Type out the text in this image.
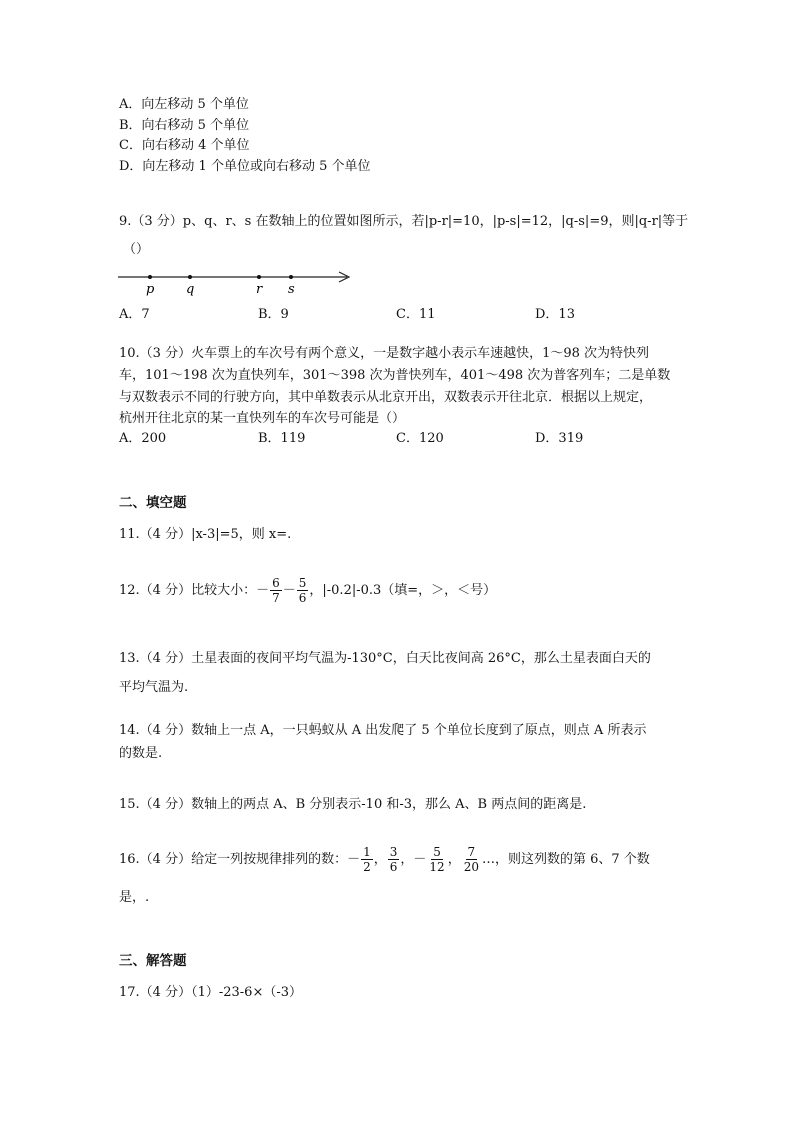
A．向左移动 5 个单位
B．向右移动 5 个单位
C．向右移动 4 个单位
D．向左移动 1 个单位或向右移动 5 个单位
9.（3 分）p、q、r、s 在数轴上的位置如图所示，若|p-r|=10，|p-s|=12，|q-s|=9，则|q-r|等于
（）
p q	r s
A．7	B．9	C．11	D．13
10.（3 分）火车票上的车次号有两个意义，一是数字越小表示车速越快，1～98 次为特快列
车，101～198 次为直快列车，301～398 次为普快列车，401～498 次为普客列车；二是单数
与双数表示不同的行驶方向，其中单数表示从北京开出，双数表示开往北京．根据以上规定，
杭州开往北京的某一直快列车的车次号可能是（）
A．200	B．119	C．120	D．319
二、填空题
11.（4 分）|x-3|=5，则 x=.
12.（4 分）比较大小： － $\frac{6}{7} - \frac{5}{6}$ ，|-0.2|-0.3（填=，＞，＜号）
13.（4 分）土星表面的夜间平均气温为-130°C，白天比夜间高 26°C，那么土星表面白天的
平均气温为.
14.（4 分）数轴上一点 A，一只蚂蚁从 A 出发爬了 5 个单位长度到了原点，则点 A 所表示
的数是.
15.（4 分）数轴上的两点 A、B 分别表示-10 和-3，那么 A、B 两点间的距离是.
16.（4 分）给定一列按规律排列的数： － $\frac{1}{2}$ ， $\frac{3}{6}$ ，－ $\frac{5}{12}$ ， $\frac{7}{20}$ …，则这列数的第 6、7 个数
是，.
三、解答题
17.（4 分）（1）-23-6×（-3）
